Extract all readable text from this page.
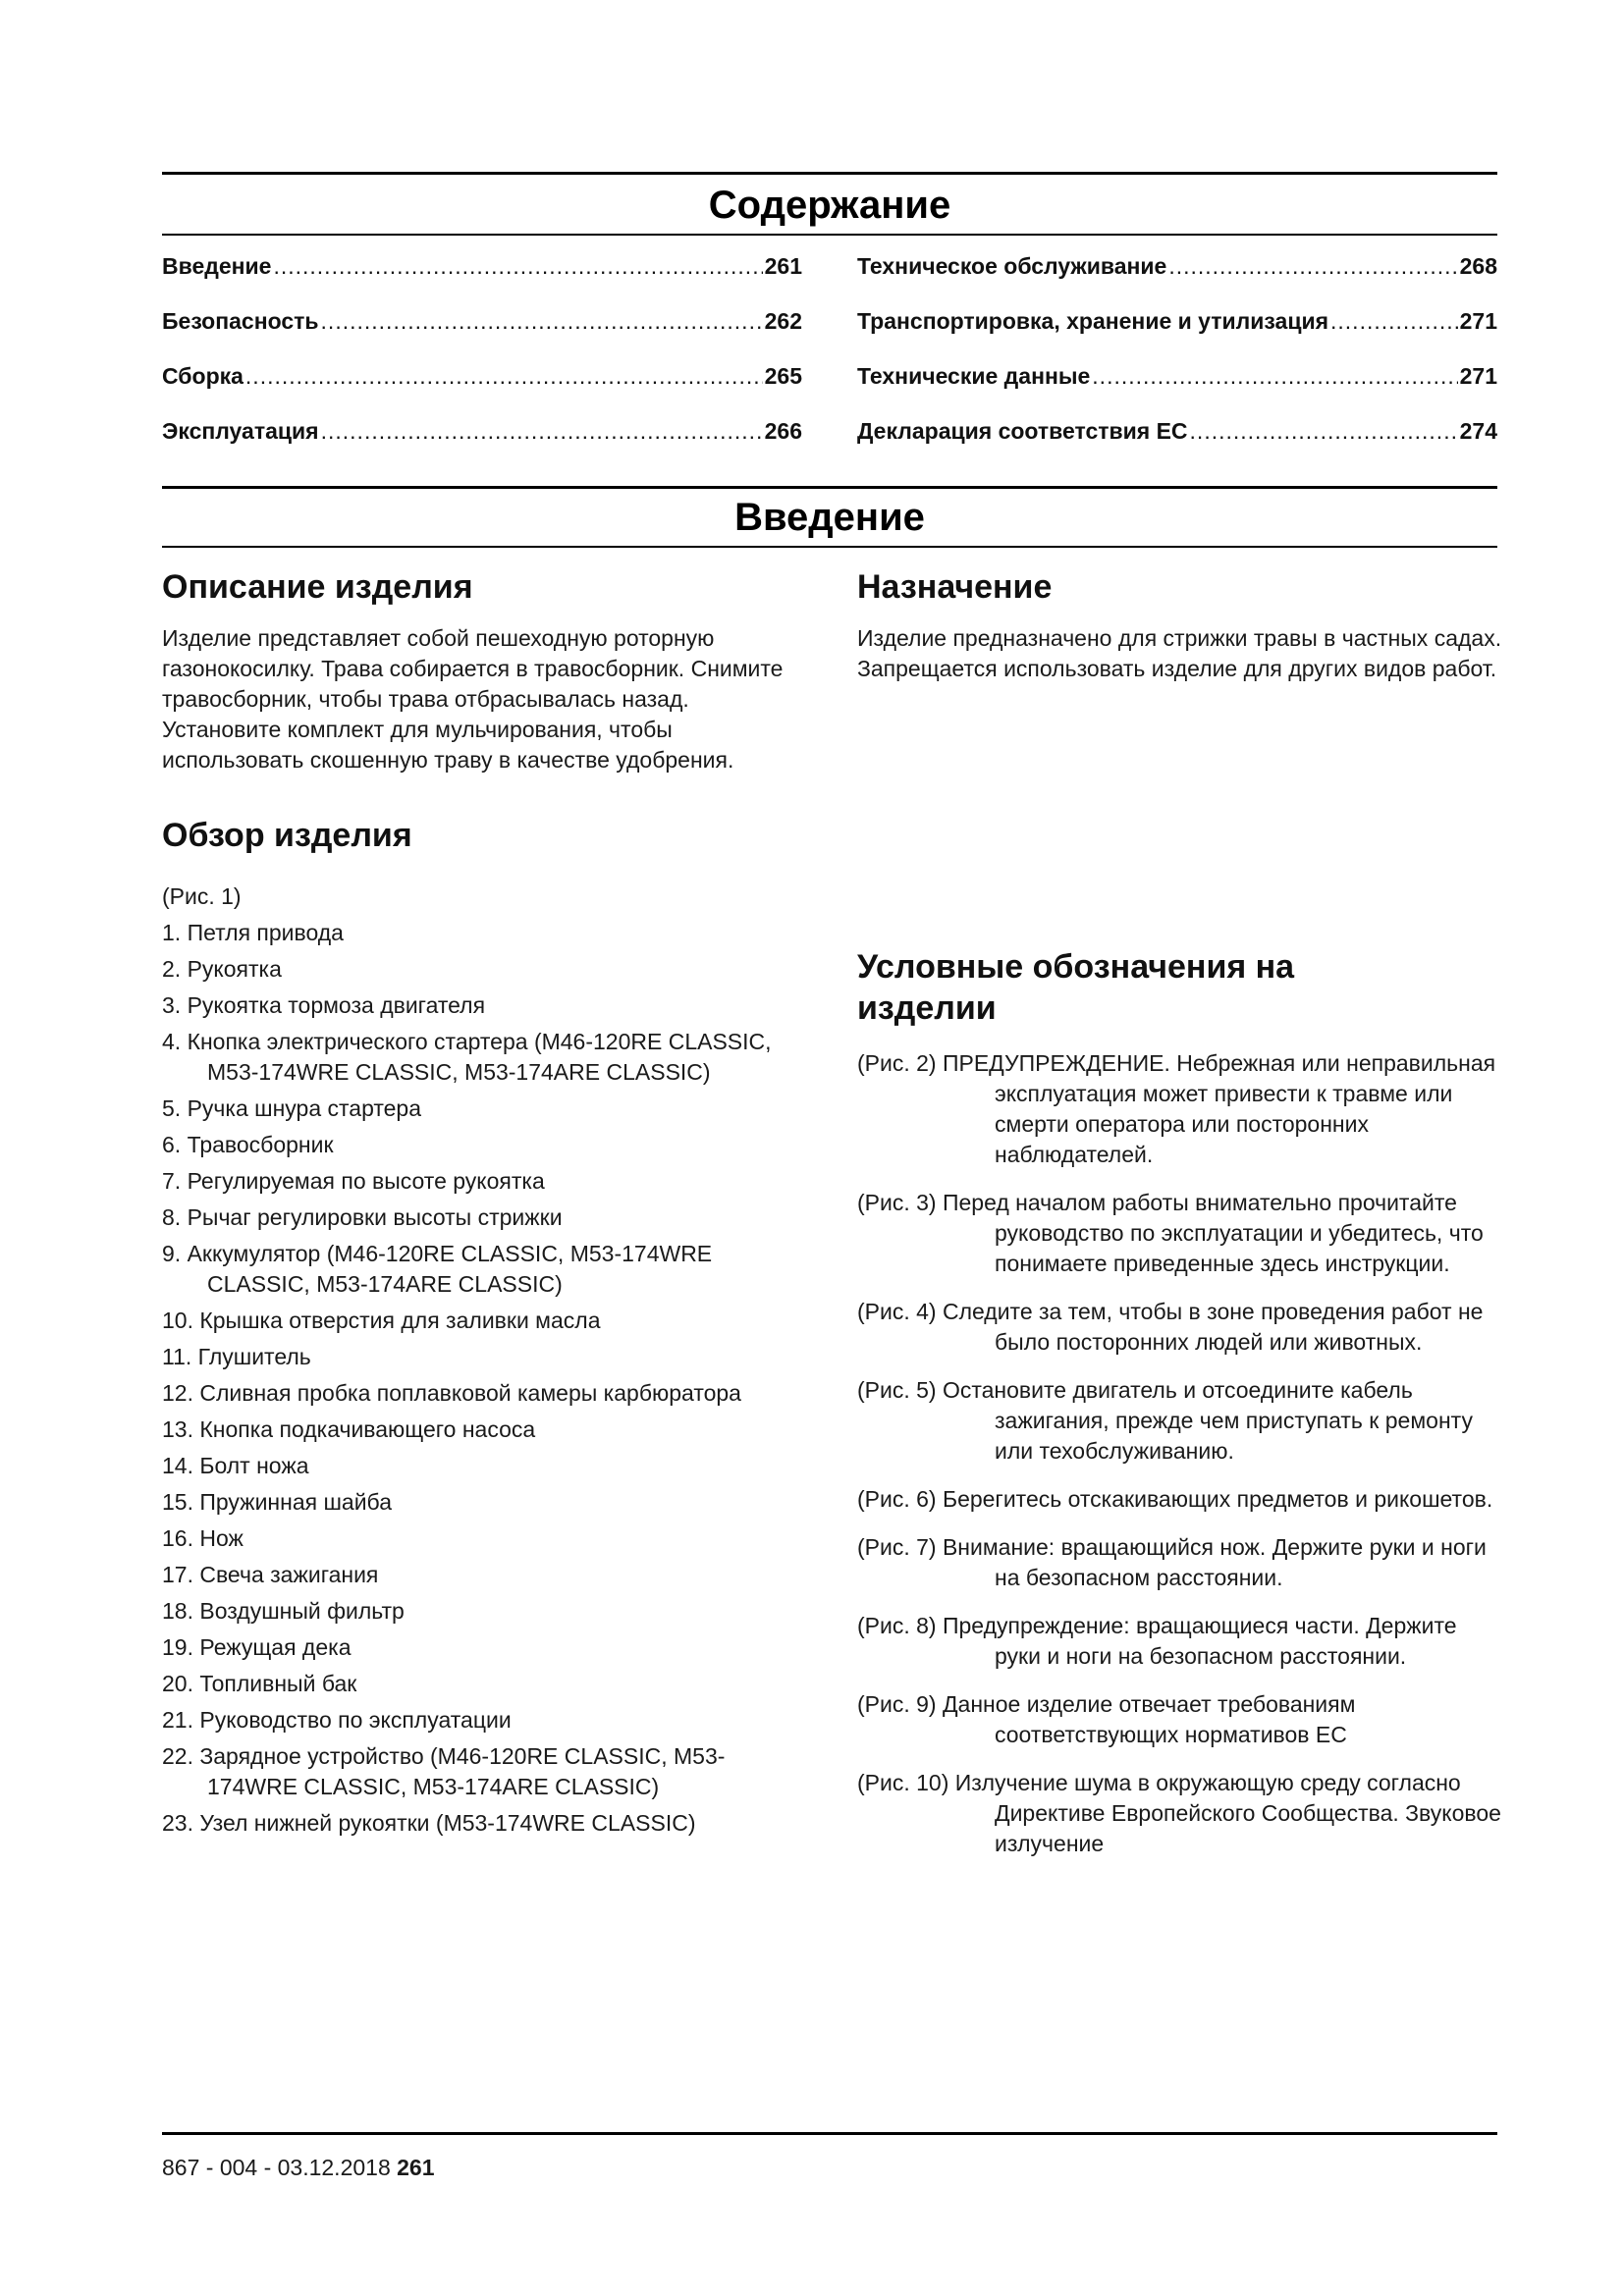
Содержание
Введение .....	261
Безопасность .....	262
Сборка .....	265
Эксплуатация .....	266
Техническое обслуживание .....	268
Транспортировка, хранение и утилизация .....	271
Технические данные .....	271
Декларация соответствия ЕС .....	274
Введение
Описание изделия

Изделие представляет собой пешеходную роторную газонокосилку. Трава собирается в травосборник. Снимите травосборник, чтобы трава отбрасывалась назад. Установите комплект для мульчирования, чтобы использовать скошенную траву в качестве удобрения.

Обзор изделия

(Рис. 1)

1. Петля привода
2. Рукоятка
3. Рукоятка тормоза двигателя
4. Кнопка электрического стартера (M46-120RE CLASSIC, M53-174WRE CLASSIC, M53-174ARE CLASSIC)
5. Ручка шнура стартера
6. Травосборник
7. Регулируемая по высоте рукоятка
8. Рычаг регулировки высоты стрижки
9. Аккумулятор (M46-120RE CLASSIC, M53-174WRE CLASSIC, M53-174ARE CLASSIC)
10. Крышка отверстия для заливки масла
11. Глушитель
12. Сливная пробка поплавковой камеры карбюратора
13. Кнопка подкачивающего насоса
14. Болт ножа
15. Пружинная шайба
16. Нож
17. Свеча зажигания
18. Воздушный фильтр
19. Режущая дека
20. Топливный бак
21. Руководство по эксплуатации
22. Зарядное устройство (M46-120RE CLASSIC, M53-174WRE CLASSIC, M53-174ARE CLASSIC)
23. Узел нижней рукоятки (M53-174WRE CLASSIC)
Назначение

Изделие предназначено для стрижки травы в частных садах. Запрещается использовать изделие для других видов работ.

Условные обозначения на изделии

(Рис. 2) ПРЕДУПРЕЖДЕНИЕ. Небрежная или неправильная эксплуатация может привести к травме или смерти оператора или посторонних наблюдателей.

(Рис. 3) Перед началом работы внимательно прочитайте руководство по эксплуатации и убедитесь, что понимаете приведенные здесь инструкции.

(Рис. 4) Следите за тем, чтобы в зоне проведения работ не было посторонних людей или животных.

(Рис. 5) Остановите двигатель и отсоедините кабель зажигания, прежде чем приступать к ремонту или техобслуживанию.

(Рис. 6) Берегитесь отскакивающих предметов и рикошетов.

(Рис. 7) Внимание: вращающийся нож. Держите руки и ноги на безопасном расстоянии.

(Рис. 8) Предупреждение: вращающиеся части. Держите руки и ноги на безопасном расстоянии.

(Рис. 9) Данное изделие отвечает требованиям соответствующих нормативов ЕС

(Рис. 10) Излучение шума в окружающую среду согласно Директиве Европейского Сообщества. Звуковое излучение

867 - 004 - 03.12.2018 261
